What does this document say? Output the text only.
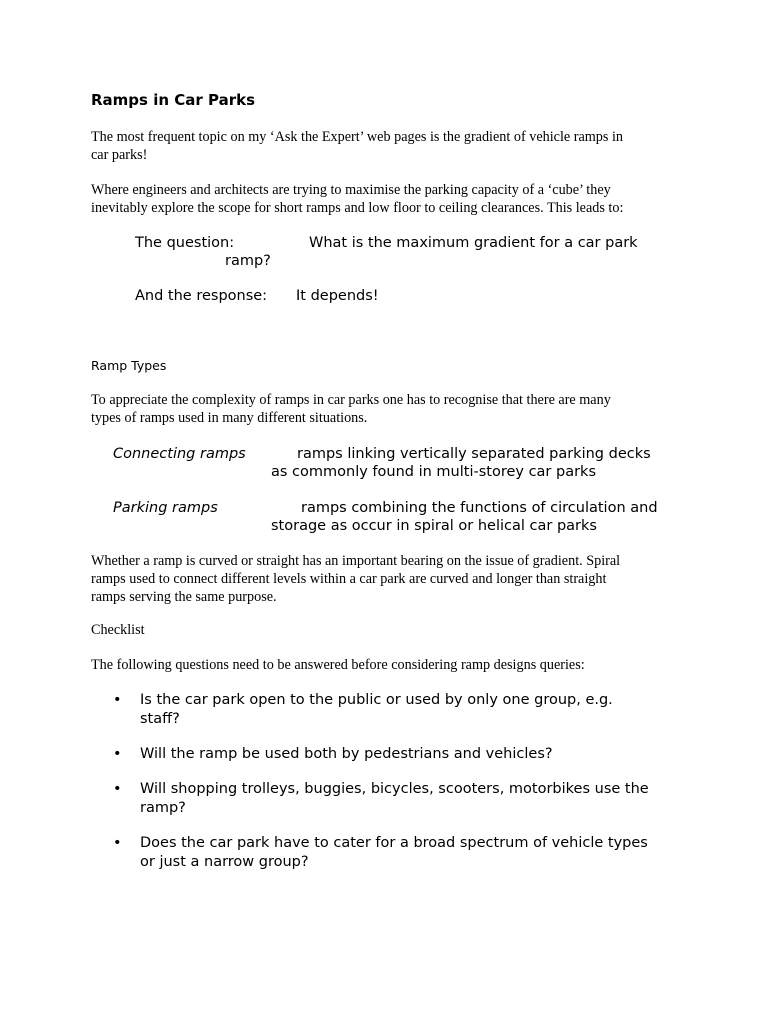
Ramps in Car Parks
The most frequent topic on my ‘Ask the Expert’ web pages is the gradient of vehicle ramps in
car parks!
Where engineers and architects are trying to maximise the parking capacity of a ‘cube’ they
inevitably explore the scope for short ramps and low floor to ceiling clearances. This leads to:
The question:	What is the maximum gradient for a car park
ramp?
And the response: It depends!
Ramp Types
To appreciate the complexity of ramps in car parks one has to recognise that there are many
types of ramps used in many different situations.
Connecting ramps	ramps linking vertically separated parking decks
as commonly found in multi-storey car parks
Parking ramps	ramps combining the functions of circulation and
storage as occur in spiral or helical car parks
Whether a ramp is curved or straight has an important bearing on the issue of gradient. Spiral
ramps used to connect different levels within a car park are curved and longer than straight
ramps serving the same purpose.
Checklist
The following questions need to be answered before considering ramp designs queries:
• Is the car park open to the public or used by only one group, e.g.
staff?
• Will the ramp be used both by pedestrians and vehicles?
• Will shopping trolleys, buggies, bicycles, scooters, motorbikes use the
ramp?
• Does the car park have to cater for a broad spectrum of vehicle types
or just a narrow group?
